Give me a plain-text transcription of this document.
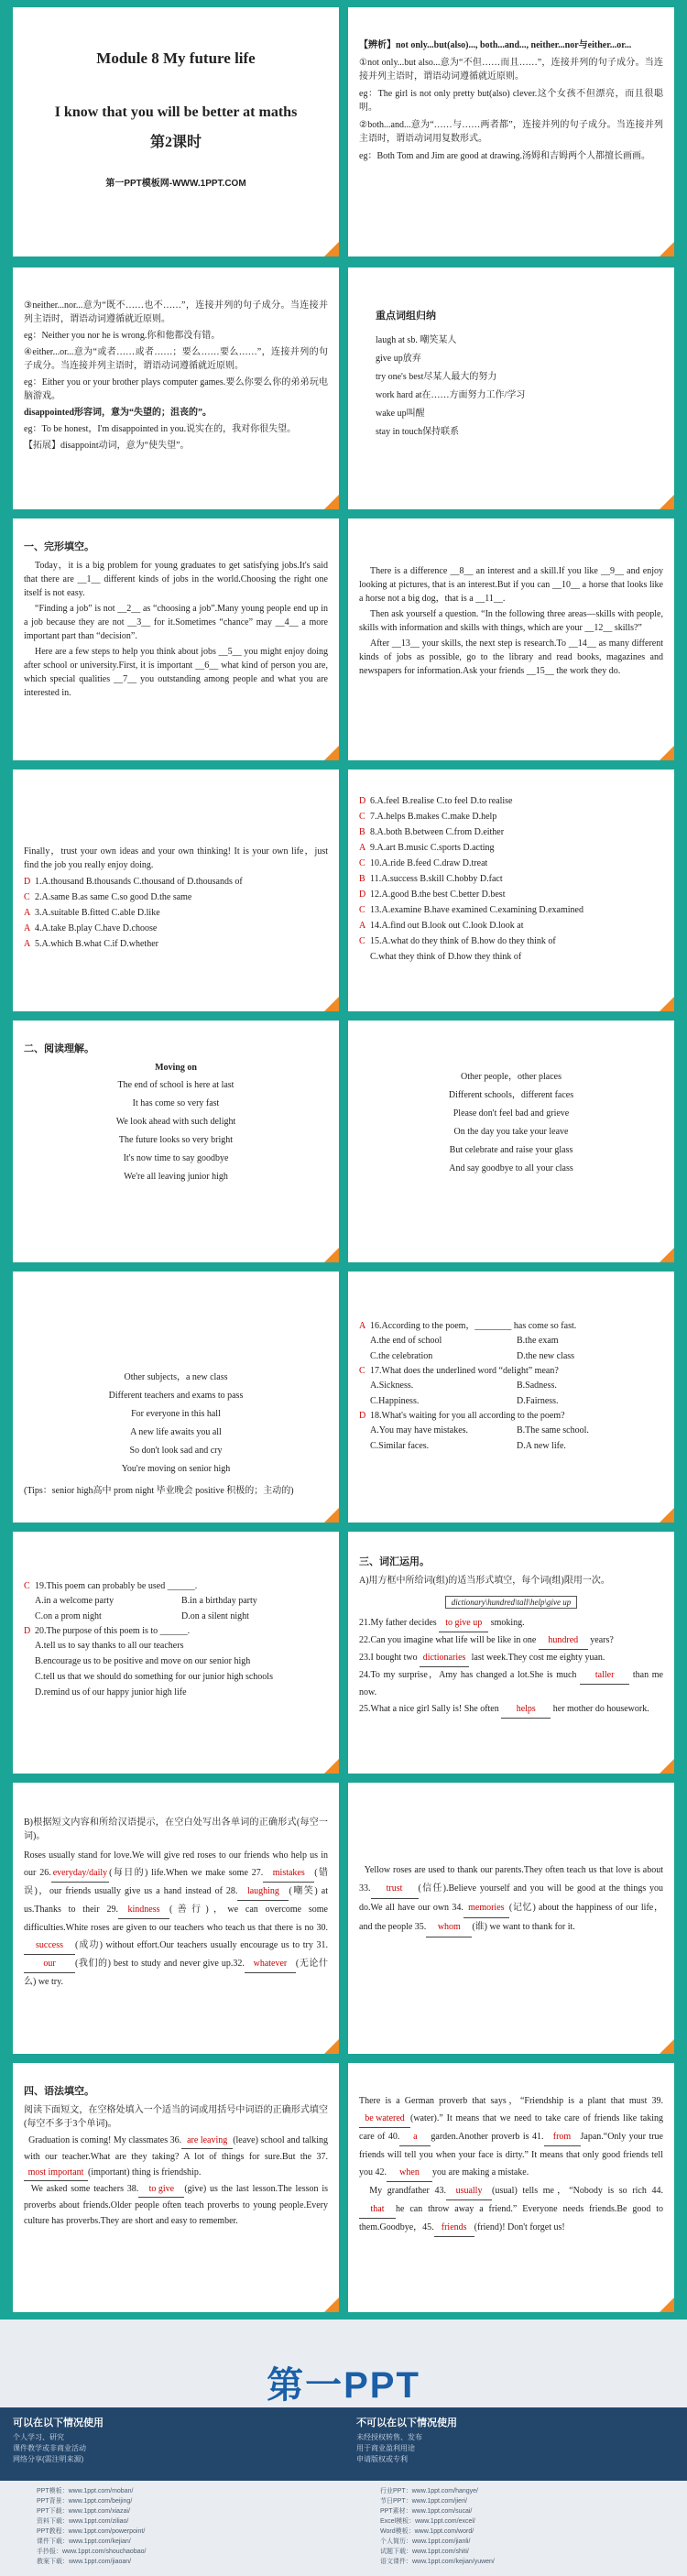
Module 8 My future life
I know that you will be better at maths
第2课时
第一PPT模板网-WWW.1PPT.COM
【辨析】not only...but(also)..., both...and..., neither...nor与either...or...
①not only...but also...意为“不但……而且……”，连接并列的句子成分。当连接并列主语时，谓语动词遵循就近原则。
eg：The girl is not only pretty but(also) clever.这个女孩不但漂亮，而且很聪明。
②both...and...意为“……与……两者都”，连接并列的句子成分。当连接并列主语时，谓语动词用复数形式。
eg：Both Tom and Jim are good at drawing.汤姆和吉姆两个人都擅长画画。
③neither...nor...意为“既不……也不……”，连接并列的句子成分。当连接并列主语时，谓语动词遵循就近原则。
eg：Neither you nor he is wrong.你和他都没有错。
④either...or...意为“或者……或者……；要么……要么……”，连接并列的句子成分。当连接并列主语时，谓语动词遵循就近原则。
eg：Either you or your brother plays computer games.要么你要么你的弟弟玩电脑游戏。
disappointed形容词，意为“失望的；沮丧的”。
eg：To be honest，I'm disappointed in you.说实在的，我对你很失望。
【拓展】disappoint动词，意为“使失望”。
重点词组归纳
laugh at sb. 嘲笑某人
give up放弃
try one's best尽某人最大的努力
work hard at在……方面努力工作/学习
wake up叫醒
stay in touch保持联系
一、完形填空。
Today，it is a big problem for young graduates to get satisfying jobs.It's said that there are __1__ different kinds of jobs in the world.Choosing the right one itself is not easy.
“Finding a job” is not __2__ as “choosing a job”.Many young people end up in a job because they are not __3__ for it.Sometimes “chance” may __4__ a more important part than “decision”.
Here are a few steps to help you think about jobs __5__ you might enjoy doing after school or university.First, it is important __6__ what kind of person you are, which special qualities __7__ you outstanding among people and what you are interested in.
There is a difference __8__ an interest and a skill.If you like __9__ and enjoy looking at pictures, that is an interest.But if you can __10__ a horse that looks like a horse not a big dog，that is a __11__.
Then ask yourself a question. “In the following three areas—skills with people, skills with information and skills with things, which are your __12__ skills?”
After __13__ your skills, the next step is research.To __14__ as many different kinds of jobs as possible, go to the library and read books, magazines and newspapers for information.Ask your friends __15__ the work they do.
Finally，trust your own ideas and your own thinking! It is your own life，just find the job you really enjoy doing.
D 1.A.thousand B.thousands C.thousand of D.thousands of
C 2.A.same B.as same C.so good D.the same
A 3.A.suitable B.fitted C.able D.like
A 4.A.take B.play C.have D.choose
A 5.A.which B.what C.if D.whether
D 6.A.feel B.realise C.to feel D.to realise
C 7.A.helps B.makes C.make D.help
B 8.A.both B.between C.from D.either
A 9.A.art B.music C.sports D.acting
C 10.A.ride B.feed C.draw D.treat
B 11.A.success B.skill C.hobby D.fact
D 12.A.good B.the best C.better D.best
C 13.A.examine B.have examined C.examining D.examined
A 14.A.find out B.look out C.look D.look at
C 15.A.what do they think of B.how do they think of
C.what they think of D.how they think of
二、阅读理解。
Moving on
The end of school is here at last
It has come so very fast
We look ahead with such delight
The future looks so very bright
It's now time to say goodbye
We're all leaving junior high
Other people，other places
Different schools，different faces
Please don't feel bad and grieve
On the day you take your leave
But celebrate and raise your glass
And say goodbye to all your class
Other subjects，a new class
Different teachers and exams to pass
For everyone in this hall
A new life awaits you all
So don't look sad and cry
You're moving on senior high
(Tips：senior high高中 prom night 毕业晚会 positive 积极的；主动的)
A 16.According to the poem，________ has come so fast.
A.the end of school	B.the exam
C.the celebration	D.the new class
C 17.What does the underlined word “delight” mean?
A.Sickness.	B.Sadness.
C.Happiness.	D.Fairness.
D 18.What's waiting for you all according to the poem?
A.You may have mistakes.	B.The same school.
C.Similar faces.	D.A new life.
C 19.This poem can probably be used ______.
A.in a welcome party	B.in a birthday party
C.on a prom night	D.on a silent night
D 20.The purpose of this poem is to ______.
A.tell us to say thanks to all our teachers
B.encourage us to be positive and move on our senior high
C.tell us that we should do something for our junior high schools
D.remind us of our happy junior high life
三、词汇运用。
A)用方框中所给词(组)的适当形式填空，每个词(组)限用一次。
dictionary\hundred\tall\help\give up
21.My father decides to give up smoking.
22.Can you imagine what life will be like in one hundred years?
23.I bought two dictionaries last week.They cost me eighty yuan.
24.To my surprise，Amy has changed a lot.She is much taller than me now.
25.What a nice girl Sally is! She often helps her mother do housework.
B)根据短文内容和所给汉语提示，在空白处写出各单词的正确形式(每空一词)。
Roses usually stand for love.We will give red roses to our friends who help us in our 26. everyday/daily (每日的) life.When we make some 27. mistakes (错误)，our friends usually give us a hand instead of 28. laughing (嘲笑) at us.Thanks to their 29. kindness (善行)，we can overcome some difficulties.White roses are given to our teachers who teach us that there is no 30.success (成功) without effort.Our teachers usually encourage us to try 31.our (我们的) best to study and never give up.32. whatever (无论什么) we try.
Yellow roses are used to thank our parents.They often teach us that love is about 33. trust (信任).Believe yourself and you will be good at the things you do.We all have our own 34. memories (记忆) about the happiness of our life，and the people 35. whom (谁) we want to thank for it.
四、语法填空。
阅读下面短文，在空格处填入一个适当的词或用括号中词语的正确形式填空(每空不多于3个单词)。
Graduation is coming! My classmates 36. are leaving (leave) school and talking with our teacher.What are they taking? A lot of things for sure.But the 37.most important (important) thing is friendship.
We asked some teachers 38. to give (give) us the last lesson.The lesson is proverbs about friends.Older people often teach proverbs to young people.Every culture has proverbs.They are short and easy to remember.
There is a German proverb that says，“Friendship is a plant that must 39.be watered (water).” It means that we need to take care of friends like taking care of 40. a garden.Another proverb is 41. from Japan.“Only your true friends will tell you when your face is dirty.” It means that only good friends tell you 42. when you are making a mistake.
My grandfather 43. usually (usual) tells me，“Nobody is so rich 44.that he can throw away a friend.” Everyone needs friends.Be good to them.Goodbye，45. friends (friend)! Don't forget us!
第一PPT
可以在以下情况使用
个人学习、研究
课件教学或非商业活动
网络分享(需注明来源)
不可以在以下情况使用
未经授权转售、发布
用于商业盈利用途
申请版权或专利
PPT模板：www.1ppt.com/moban/
PPT背景：www.1ppt.com/beijing/
PPT下载：www.1ppt.com/xiazai/
资料下载：www.1ppt.com/ziliao/
PPT教程：www.1ppt.com/powerpoint/
课件下载：www.1ppt.com/kejian/
手抄报：www.1ppt.com/shouchaobao/
教案下载：www.1ppt.com/jiaoan/
行业PPT：www.1ppt.com/hangye/
节日PPT：www.1ppt.com/jieri/
PPT素材：www.1ppt.com/sucai/
Excel模板：www.1ppt.com/excel/
Word模板：www.1ppt.com/word/
个人简历：www.1ppt.com/jianli/
试题下载：www.1ppt.com/shiti/
语文课件：www.1ppt.com/kejian/yuwen/
